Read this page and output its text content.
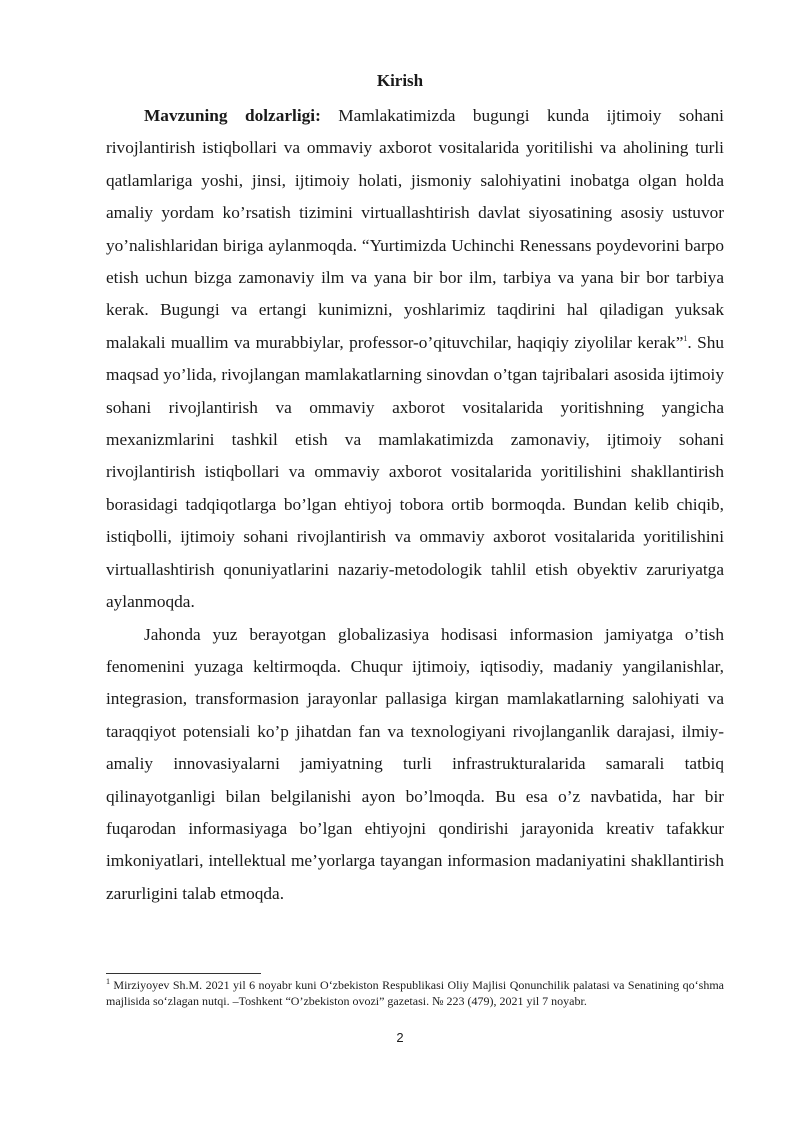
Kirish

Mavzuning dolzarligi: Mamlakatimizda bugungi kunda ijtimoiy sohani rivojlantirish istiqbollari va ommaviy axborot vositalarida yoritilishi va aholining turli qatlamlariga yoshi, jinsi, ijtimoiy holati, jismoniy salohiyatini inobatga olgan holda amaliy yordam ko’rsatish tizimini virtuallashtirish davlat siyosatining asosiy ustuvor yo’nalishlaridan biriga aylanmoqda. “Yurtimizda Uchinchi Renessans poydevorini barpo etish uchun bizga zamonaviy ilm va yana bir bor ilm, tarbiya va yana bir bor tarbiya kerak. Bugungi va ertangi kunimizni, yoshlarimiz taqdirini hal qiladigan yuksak malakali muallim va murabbiylar, professor-o’qituvchilar, haqiqiy ziyolilar kerak”$^1$. Shu maqsad yo’lida, rivojlangan mamlakatlarning sinovdan o’tgan tajribalari asosida ijtimoiy sohani rivojlantirish va ommaviy axborot vositalarida yoritishning yangicha mexanizmlarini tashkil etish va mamlakatimizda zamonaviy, ijtimoiy sohani rivojlantirish istiqbollari va ommaviy axborot vositalarida yoritilishini shakllantirish borasidagi tadqiqotlarga bo’lgan ehtiyoj tobora ortib bormoqda. Bundan kelib chiqib, istiqbolli, ijtimoiy sohani rivojlantirish va ommaviy axborot vositalarida yoritilishini virtuallashtirish qonuniyatlarini nazariy-metodologik tahlil etish obyektiv zaruriyatga aylanmoqda.

Jahonda yuz berayotgan globalizasiya hodisasi informasion jamiyatga o’tish fenomenini yuzaga keltirmoqda. Chuqur ijtimoiy, iqtisodiy, madaniy yangilanishlar, integrasion, transformasion jarayonlar pallasiga kirgan mamlakatlarning salohiyati va taraqqiyot potensiali ko’p jihatdan fan va texnologiyani rivojlanganlik darajasi, ilmiy-amaliy innovasiyalarni jamiyatning turli infrastrukturalarida samarali tatbiq qilinayotganligi bilan belgilanishi ayon bo’lmoqda. Bu esa o’z navbatida, har bir fuqarodan informasiyaga bo’lgan ehtiyojni qondirishi jarayonida kreativ tafakkur imkoniyatlari, intellektual me’yorlarga tayangan informasion madaniyatini shakllantirish zarurligini talab etmoqda.

$^1$ Mirziyoyev Sh.M. 2021 yil 6 noyabr kuni O‘zbekiston Respublikasi Oliy Majlisi Qonunchilik palatasi va Senatining qo‘shma majlisida so‘zlagan nutqi. –Toshkent “O’zbekiston ovozi” gazetasi. № 223 (479), 2021 yil 7 noyabr.
2
